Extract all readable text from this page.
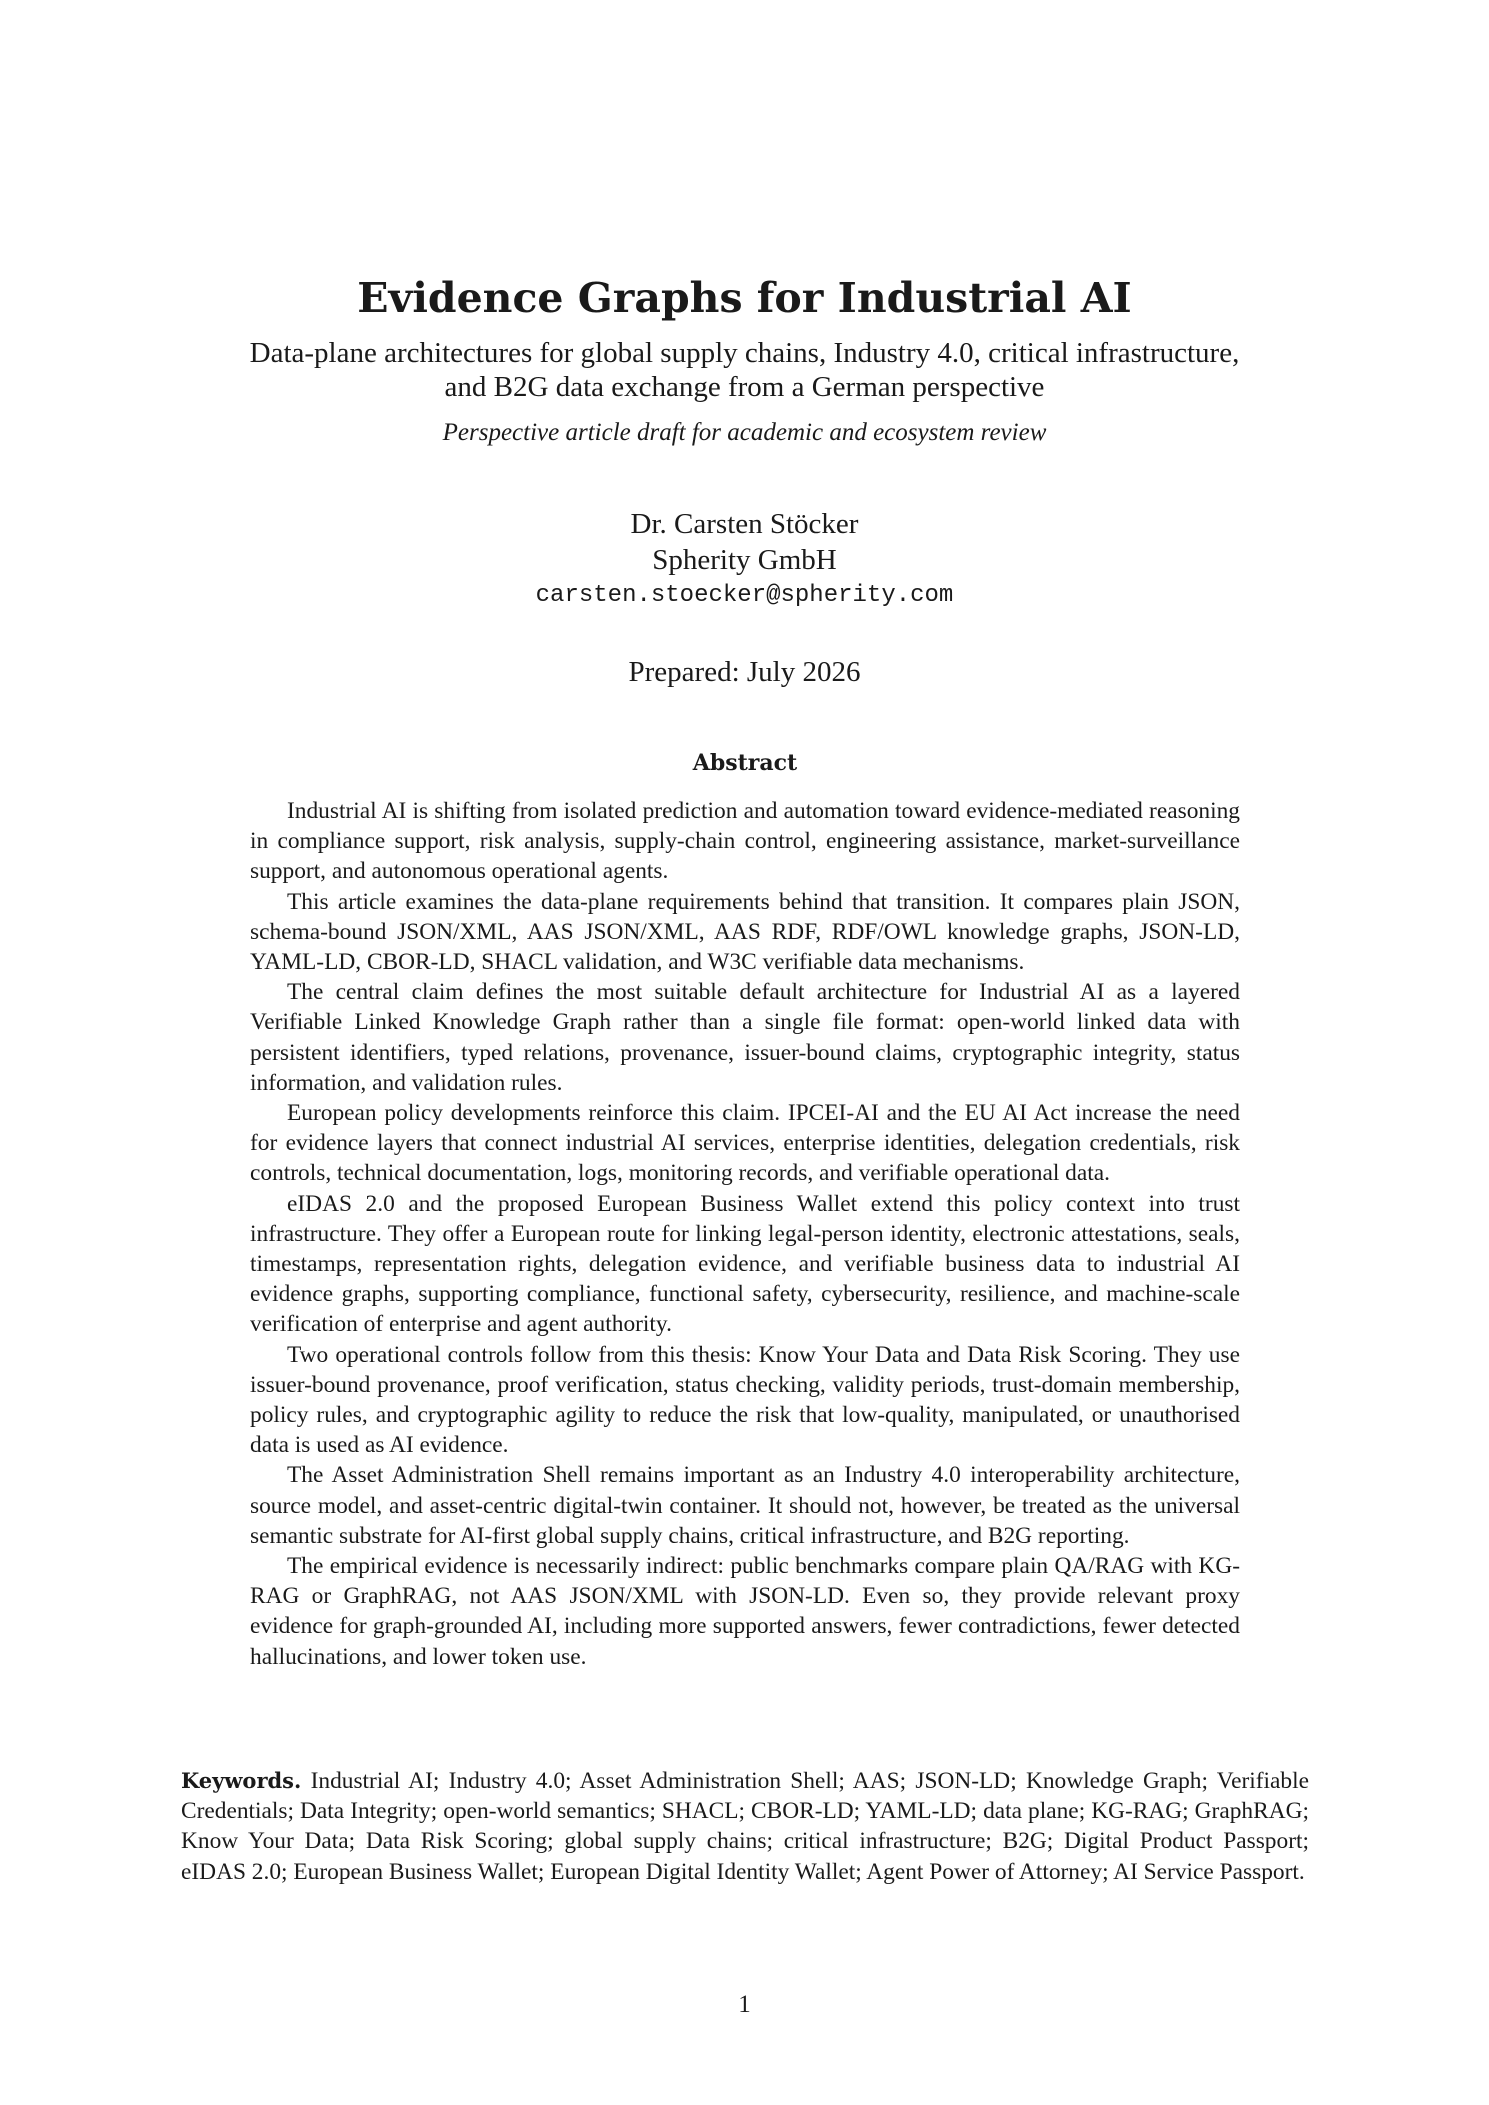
Evidence Graphs for Industrial AI
Data-plane architectures for global supply chains, Industry 4.0, critical infrastructure,
and B2G data exchange from a German perspective
Perspective article draft for academic and ecosystem review
Dr. Carsten Stöcker
Spherity GmbH
carsten.stoecker@spherity.com
Prepared: July 2026
Abstract

Industrial AI is shifting from isolated prediction and automation toward evidence-mediated reasoning in compliance support, risk analysis, supply-chain control, engineering assistance, market-surveillance support, and autonomous operational agents.

This article examines the data-plane requirements behind that transition. It compares plain JSON, schema-bound JSON/XML, AAS JSON/XML, AAS RDF, RDF/OWL knowledge graphs, JSON-LD, YAML-LD, CBOR-LD, SHACL validation, and W3C verifiable data mechanisms.

The central claim defines the most suitable default architecture for Industrial AI as a layered Verifiable Linked Knowledge Graph rather than a single file format: open-world linked data with persistent identifiers, typed relations, provenance, issuer-bound claims, cryptographic integrity, status information, and validation rules.

European policy developments reinforce this claim. IPCEI-AI and the EU AI Act increase the need for evidence layers that connect industrial AI services, enterprise identities, delegation credentials, risk controls, technical documentation, logs, monitoring records, and verifiable operational data.

eIDAS 2.0 and the proposed European Business Wallet extend this policy context into trust infrastructure. They offer a European route for linking legal-person identity, electronic attestations, seals, timestamps, representation rights, delegation evidence, and verifiable business data to industrial AI evidence graphs, supporting compliance, functional safety, cybersecurity, resilience, and machine-scale verification of enterprise and agent authority.

Two operational controls follow from this thesis: Know Your Data and Data Risk Scoring. They use issuer-bound provenance, proof verification, status checking, validity periods, trust-domain membership, policy rules, and cryptographic agility to reduce the risk that low-quality, manipulated, or unauthorised data is used as AI evidence.

The Asset Administration Shell remains important as an Industry 4.0 interoperability architecture, source model, and asset-centric digital-twin container. It should not, however, be treated as the universal semantic substrate for AI-first global supply chains, critical infrastructure, and B2G reporting.

The empirical evidence is necessarily indirect: public benchmarks compare plain QA/RAG with KG-RAG or GraphRAG, not AAS JSON/XML with JSON-LD. Even so, they provide relevant proxy evidence for graph-grounded AI, including more supported answers, fewer contradictions, fewer detected hallucinations, and lower token use.

Keywords. Industrial AI; Industry 4.0; Asset Administration Shell; AAS; JSON-LD; Knowledge Graph; Verifiable Credentials; Data Integrity; open-world semantics; SHACL; CBOR-LD; YAML-LD; data plane; KG-RAG; GraphRAG; Know Your Data; Data Risk Scoring; global supply chains; critical infrastructure; B2G; Digital Product Passport; eIDAS 2.0; European Business Wallet; European Digital Identity Wallet; Agent Power of Attorney; AI Service Passport.

1
